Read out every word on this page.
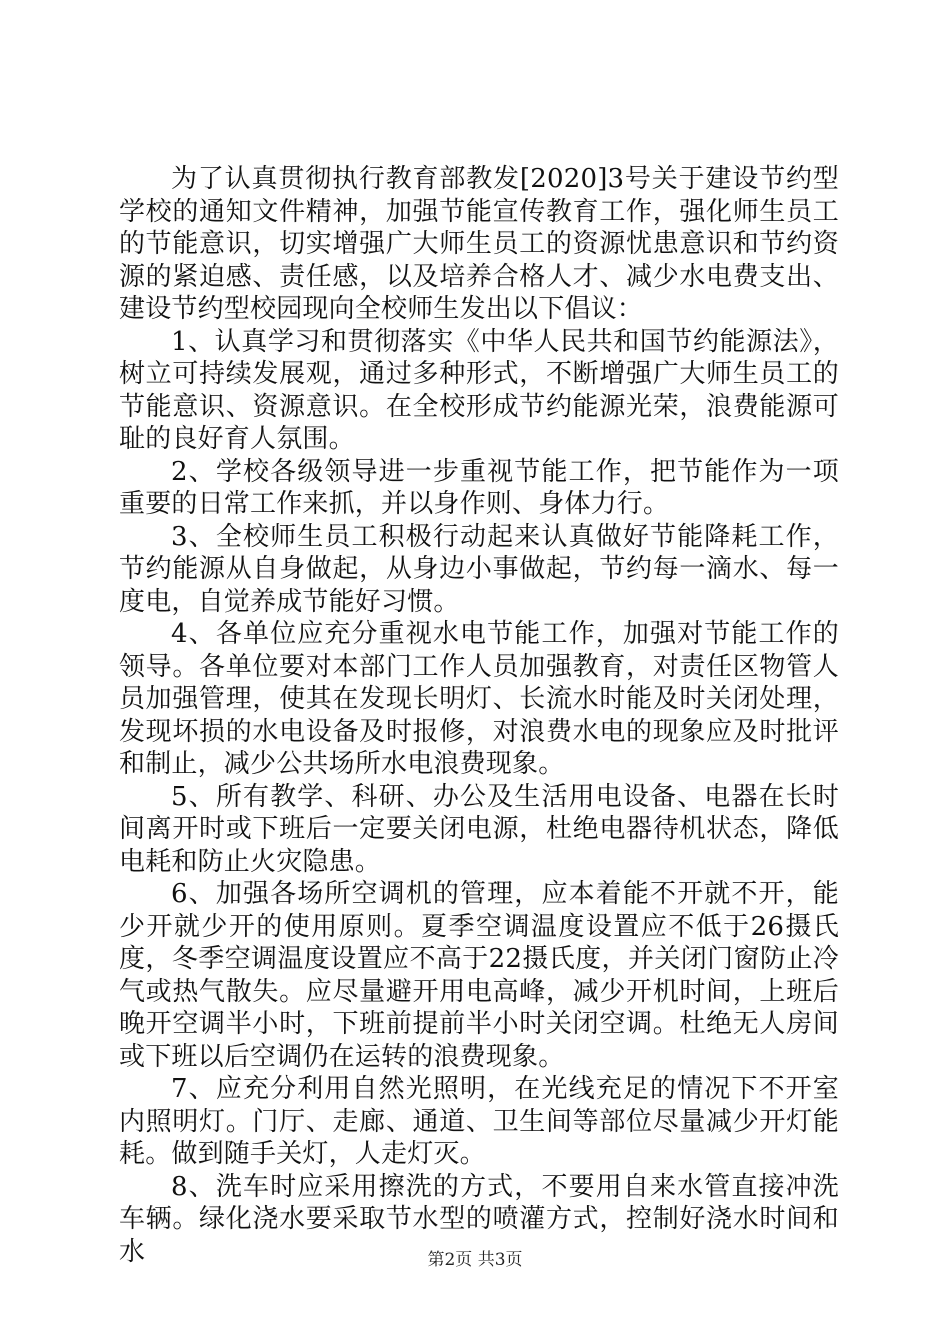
为了认真贯彻执行教育部教发[2020]3号关于建设节约型学校的通知文件精神，加强节能宣传教育工作，强化师生员工的节能意识，切实增强广大师生员工的资源忧患意识和节约资源的紧迫感、责任感，以及培养合格人才、减少水电费支出、建设节约型校园现向全校师生发出以下倡议：

1、认真学习和贯彻落实《中华人民共和国节约能源法》，树立可持续发展观，通过多种形式，不断增强广大师生员工的节能意识、资源意识。在全校形成节约能源光荣，浪费能源可耻的良好育人氛围。

2、学校各级领导进一步重视节能工作，把节能作为一项重要的日常工作来抓，并以身作则、身体力行。

3、全校师生员工积极行动起来认真做好节能降耗工作，节约能源从自身做起，从身边小事做起，节约每一滴水、每一度电，自觉养成节能好习惯。

4、各单位应充分重视水电节能工作，加强对节能工作的领导。各单位要对本部门工作人员加强教育，对责任区物管人员加强管理，使其在发现长明灯、长流水时能及时关闭处理，发现坏损的水电设备及时报修，对浪费水电的现象应及时批评和制止，减少公共场所水电浪费现象。

5、所有教学、科研、办公及生活用电设备、电器在长时间离开时或下班后一定要关闭电源，杜绝电器待机状态，降低电耗和防止火灾隐患。

6、加强各场所空调机的管理，应本着能不开就不开，能少开就少开的使用原则。夏季空调温度设置应不低于26摄氏度，冬季空调温度设置应不高于22摄氏度，并关闭门窗防止冷气或热气散失。应尽量避开用电高峰，减少开机时间，上班后晚开空调半小时，下班前提前半小时关闭空调。杜绝无人房间或下班以后空调仍在运转的浪费现象。

7、应充分利用自然光照明，在光线充足的情况下不开室内照明灯。门厅、走廊、通道、卫生间等部位尽量减少开灯能耗。做到随手关灯，人走灯灭。

8、洗车时应采用擦洗的方式，不要用自来水管直接冲洗车辆。绿化浇水要采取节水型的喷灌方式，控制好浇水时间和水	第2页 共3页
